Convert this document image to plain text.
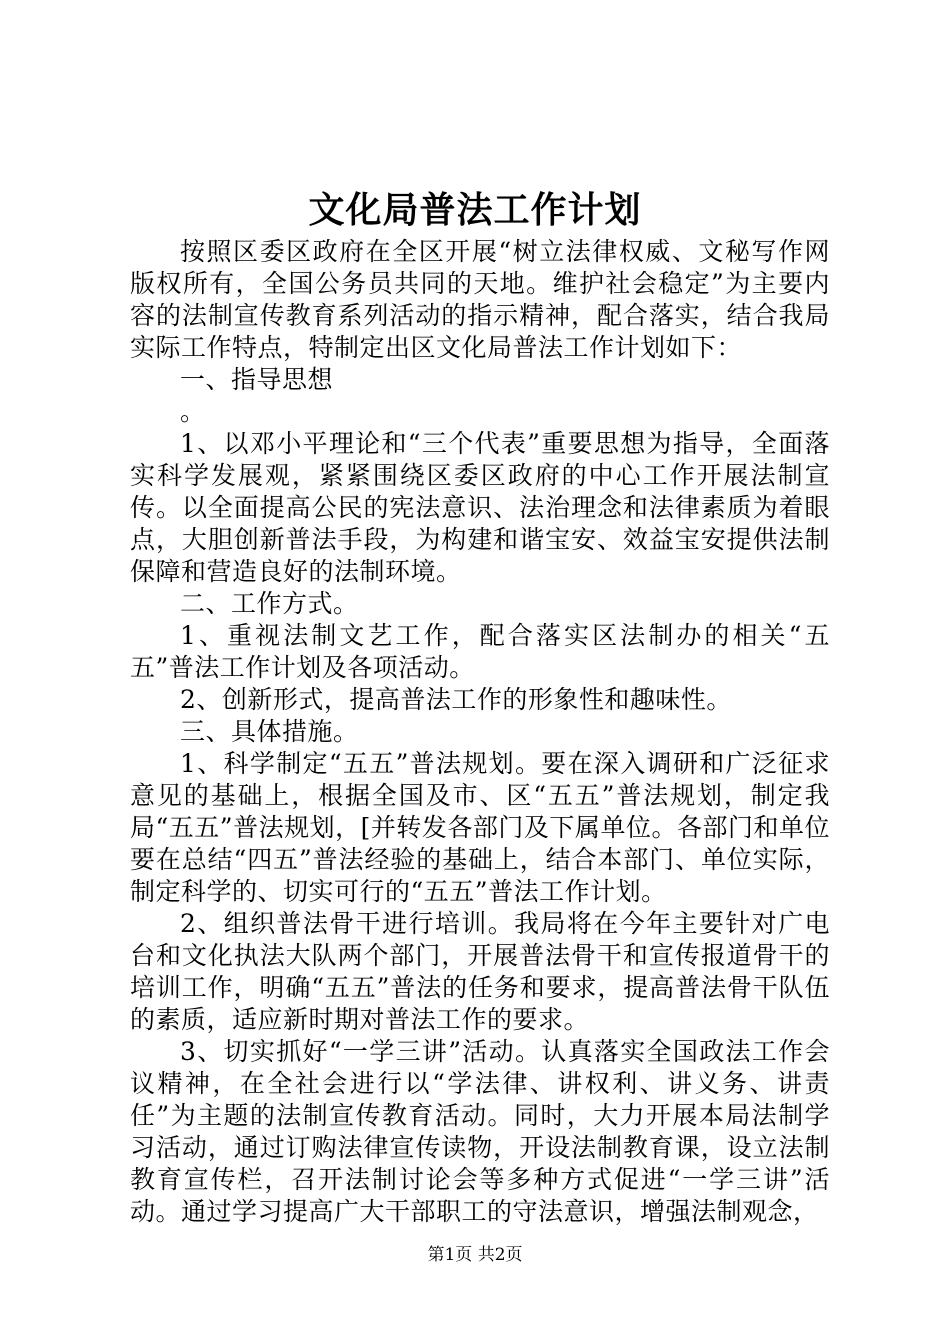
文化局普法工作计划

按照区委区政府在全区开展“树立法律权威、文秘写作网版权所有，全国公务员共同的天地。维护社会稳定”为主要内容的法制宣传教育系列活动的指示精神，配合落实，结合我局实际工作特点，特制定出区文化局普法工作计划如下：

一、指导思想

。

1、以邓小平理论和“三个代表”重要思想为指导，全面落实科学发展观，紧紧围绕区委区政府的中心工作开展法制宣传。以全面提高公民的宪法意识、法治理念和法律素质为着眼点，大胆创新普法手段，为构建和谐宝安、效益宝安提供法制保障和营造良好的法制环境。

二、工作方式。

1、重视法制文艺工作，配合落实区法制办的相关“五五”普法工作计划及各项活动。

2、创新形式，提高普法工作的形象性和趣味性。

三、具体措施。

1、科学制定“五五”普法规划。要在深入调研和广泛征求意见的基础上，根据全国及市、区“五五”普法规划，制定我局“五五”普法规划，[并转发各部门及下属单位。各部门和单位要在总结“四五”普法经验的基础上，结合本部门、单位实际，制定科学的、切实可行的“五五”普法工作计划。

2、组织普法骨干进行培训。我局将在今年主要针对广电台和文化执法大队两个部门，开展普法骨干和宣传报道骨干的培训工作，明确“五五”普法的任务和要求，提高普法骨干队伍的素质，适应新时期对普法工作的要求。

3、切实抓好“一学三讲”活动。认真落实全国政法工作会议精神，在全社会进行以“学法律、讲权利、讲义务、讲责任”为主题的法制宣传教育活动。同时，大力开展本局法制学习活动，通过订购法律宣传读物，开设法制教育课，设立法制教育宣传栏，召开法制讨论会等多种方式促进“一学三讲”活动。通过学习提高广大干部职工的守法意识，增强法制观念，

第1页 共2页
